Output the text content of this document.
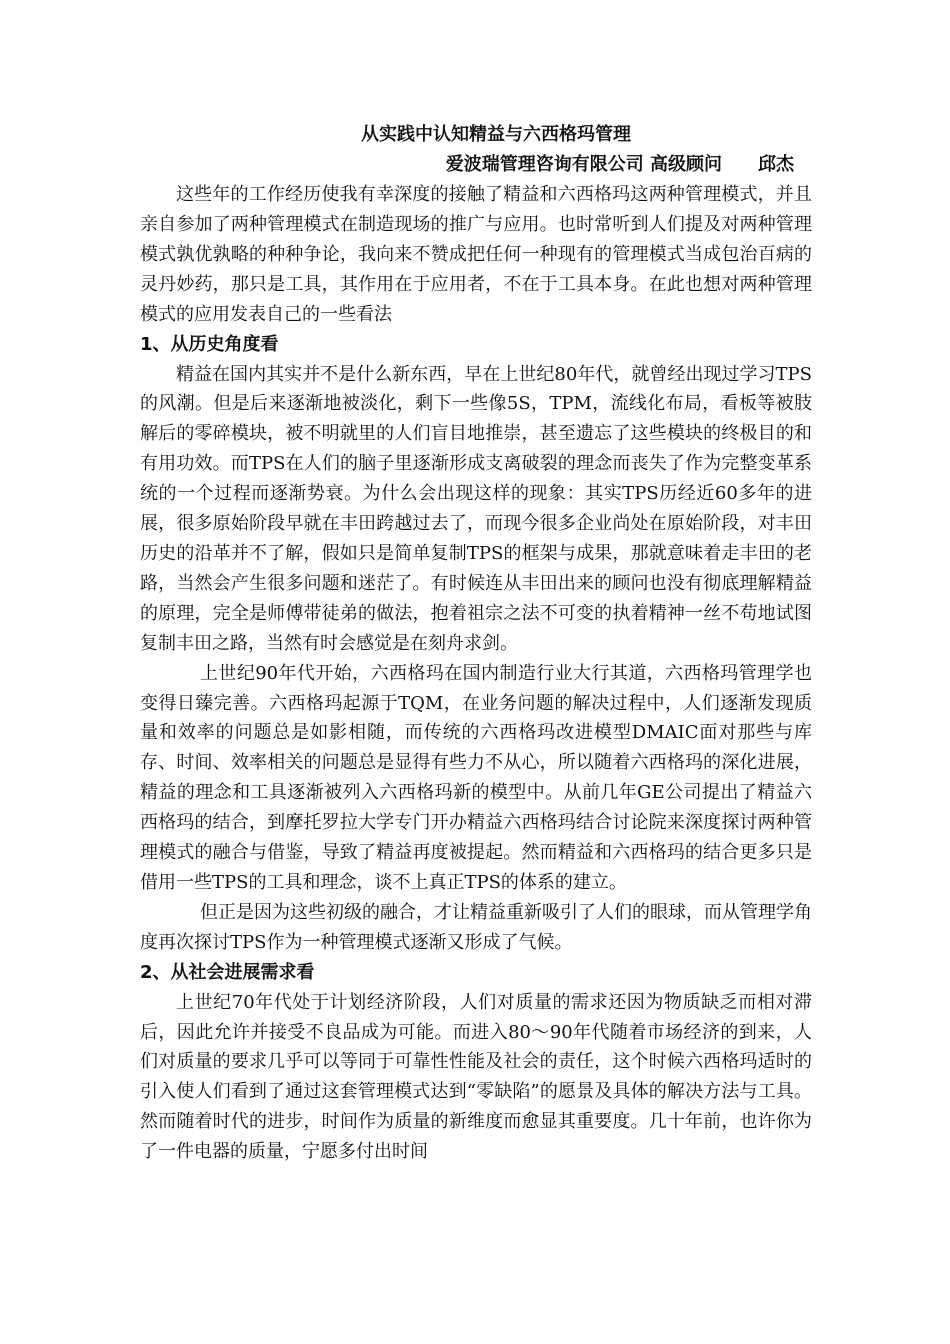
从实践中认知精益与六西格玛管理
爱波瑞管理咨询有限公司 高级顾问　　邱杰

这些年的工作经历使我有幸深度的接触了精益和六西格玛这两种管理模式，并且亲自参加了两种管理模式在制造现场的推广与应用。也时常听到人们提及对两种管理模式孰优孰略的种种争论，我向来不赞成把任何一种现有的管理模式当成包治百病的灵丹妙药，那只是工具，其作用在于应用者，不在于工具本身。在此也想对两种管理模式的应用发表自己的一些看法

1、从历史角度看

精益在国内其实并不是什么新东西，早在上世纪80年代，就曾经出现过学习TPS的风潮。但是后来逐渐地被淡化，剩下一些像5S，TPM，流线化布局，看板等被肢解后的零碎模块，被不明就里的人们盲目地推崇，甚至遗忘了这些模块的终极目的和有用功效。而TPS在人们的脑子里逐渐形成支离破裂的理念而丧失了作为完整变革系统的一个过程而逐渐势衰。为什么会出现这样的现象：其实TPS历经近60多年的进展，很多原始阶段早就在丰田跨越过去了，而现今很多企业尚处在原始阶段，对丰田历史的沿革并不了解，假如只是简单复制TPS的框架与成果，那就意味着走丰田的老路，当然会产生很多问题和迷茫了。有时候连从丰田出来的顾问也没有彻底理解精益的原理，完全是师傅带徒弟的做法，抱着祖宗之法不可变的执着精神一丝不苟地试图复制丰田之路，当然有时会感觉是在刻舟求剑。

上世纪90年代开始，六西格玛在国内制造行业大行其道，六西格玛管理学也变得日臻完善。六西格玛起源于TQM，在业务问题的解决过程中，人们逐渐发现质量和效率的问题总是如影相随，而传统的六西格玛改进模型DMAIC面对那些与库存、时间、效率相关的问题总是显得有些力不从心，所以随着六西格玛的深化进展，精益的理念和工具逐渐被列入六西格玛新的模型中。从前几年GE公司提出了精益六西格玛的结合，到摩托罗拉大学专门开办精益六西格玛结合讨论院来深度探讨两种管理模式的融合与借鉴，导致了精益再度被提起。然而精益和六西格玛的结合更多只是借用一些TPS的工具和理念，谈不上真正TPS的体系的建立。

但正是因为这些初级的融合，才让精益重新吸引了人们的眼球，而从管理学角度再次探讨TPS作为一种管理模式逐渐又形成了气候。

2、从社会进展需求看

上世纪70年代处于计划经济阶段，人们对质量的需求还因为物质缺乏而相对滞后，因此允许并接受不良品成为可能。而进入80～90年代随着市场经济的到来，人们对质量的要求几乎可以等同于可靠性性能及社会的责任，这个时候六西格玛适时的引入使人们看到了通过这套管理模式达到“零缺陷”的愿景及具体的解决方法与工具。然而随着时代的进步，时间作为质量的新维度而愈显其重要度。几十年前，也许你为了一件电器的质量，宁愿多付出时间
